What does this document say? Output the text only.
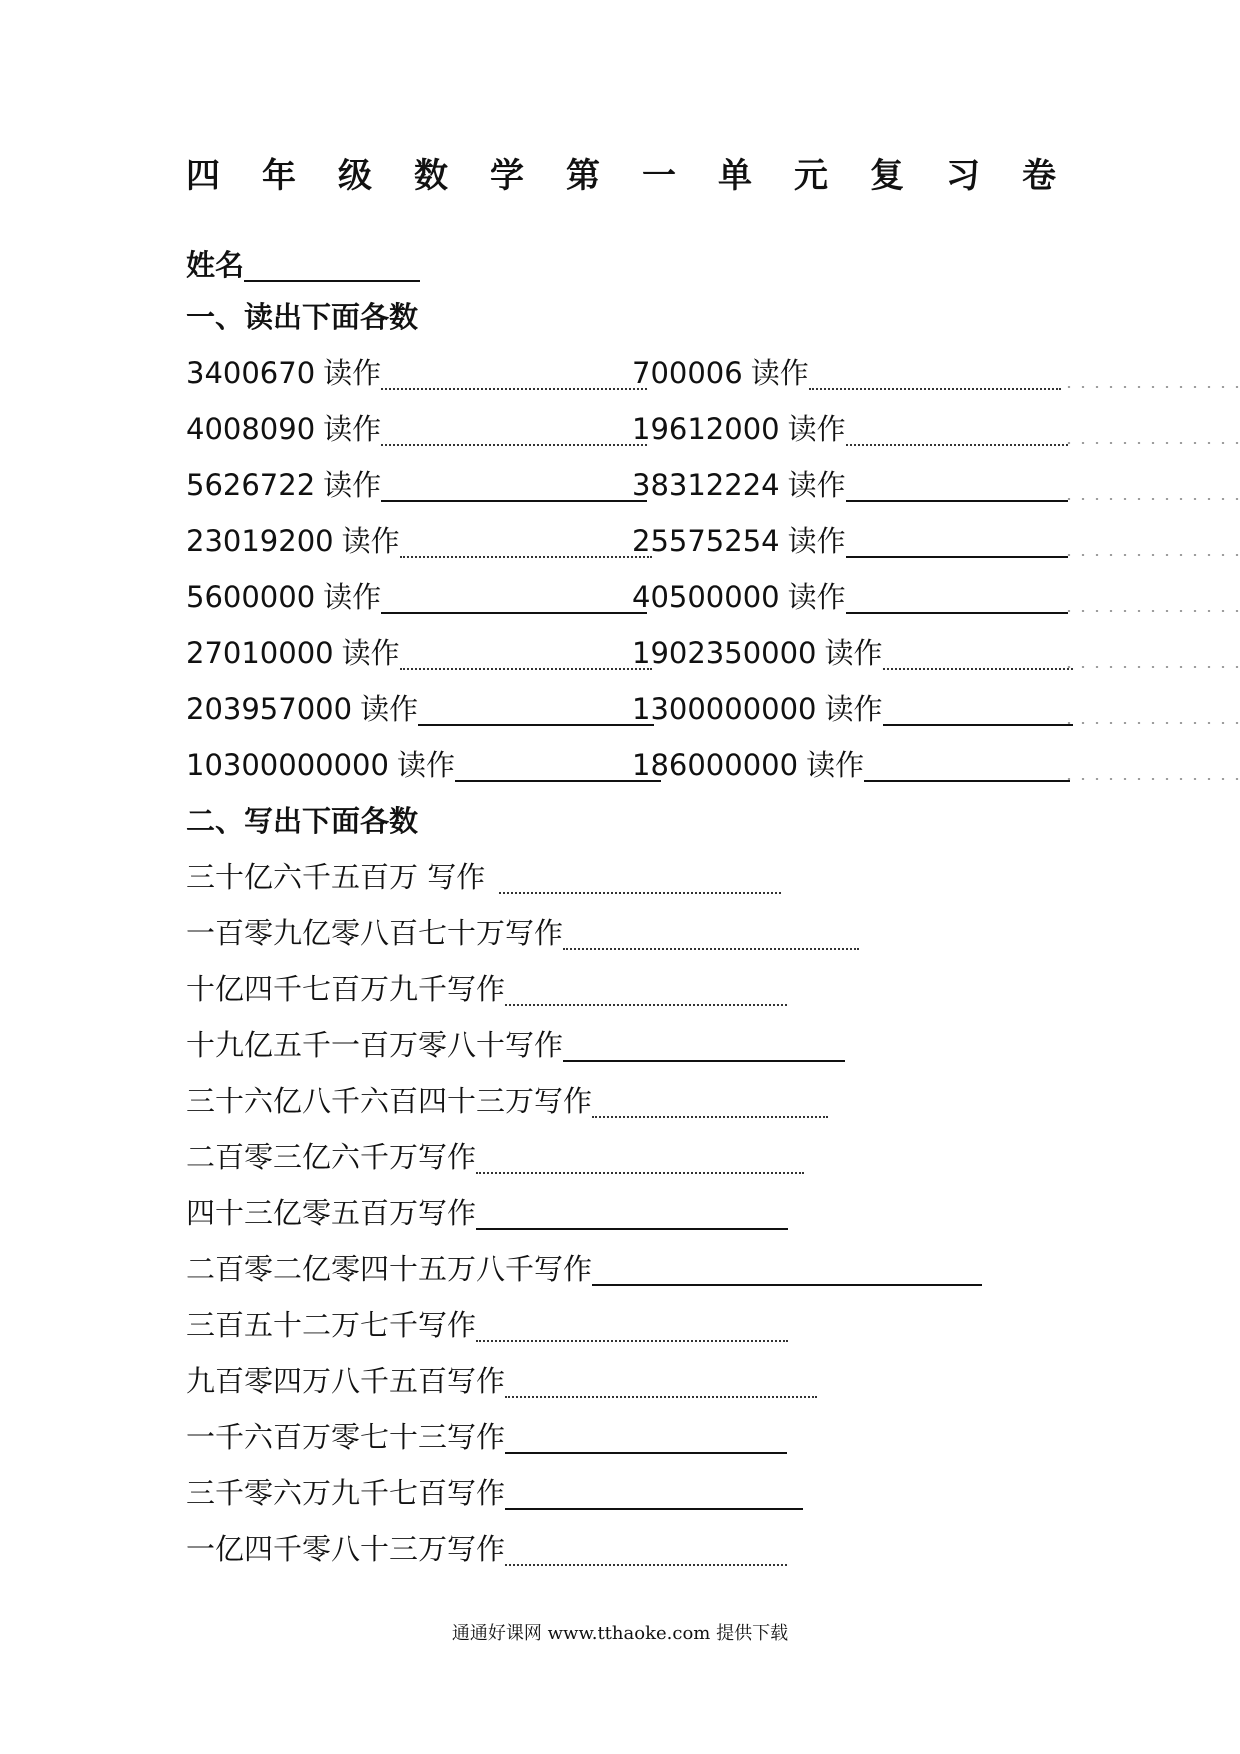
四 年 级 数 学 第 一 单 元 复 习 卷
姓名
一、读出下面各数
3400670 读作	700006 读作
4008090 读作	19612000 读作
5626722 读作	38312224 读作
23019200 读作	25575254 读作
5600000 读作	40500000 读作
27010000 读作	1902350000 读作
203957000 读作	1300000000 读作
10300000000 读作	186000000 读作
二、写出下面各数
三十亿六千五百万 写作
一百零九亿零八百七十万写作
十亿四千七百万九千写作
十九亿五千一百万零八十写作
三十六亿八千六百四十三万写作
二百零三亿六千万写作
四十三亿零五百万写作
二百零二亿零四十五万八千写作
三百五十二万七千写作
九百零四万八千五百写作
一千六百万零七十三写作
三千零六万九千七百写作
一亿四千零八十三万写作
通通好课网 www.tthaoke.com 提供下载
